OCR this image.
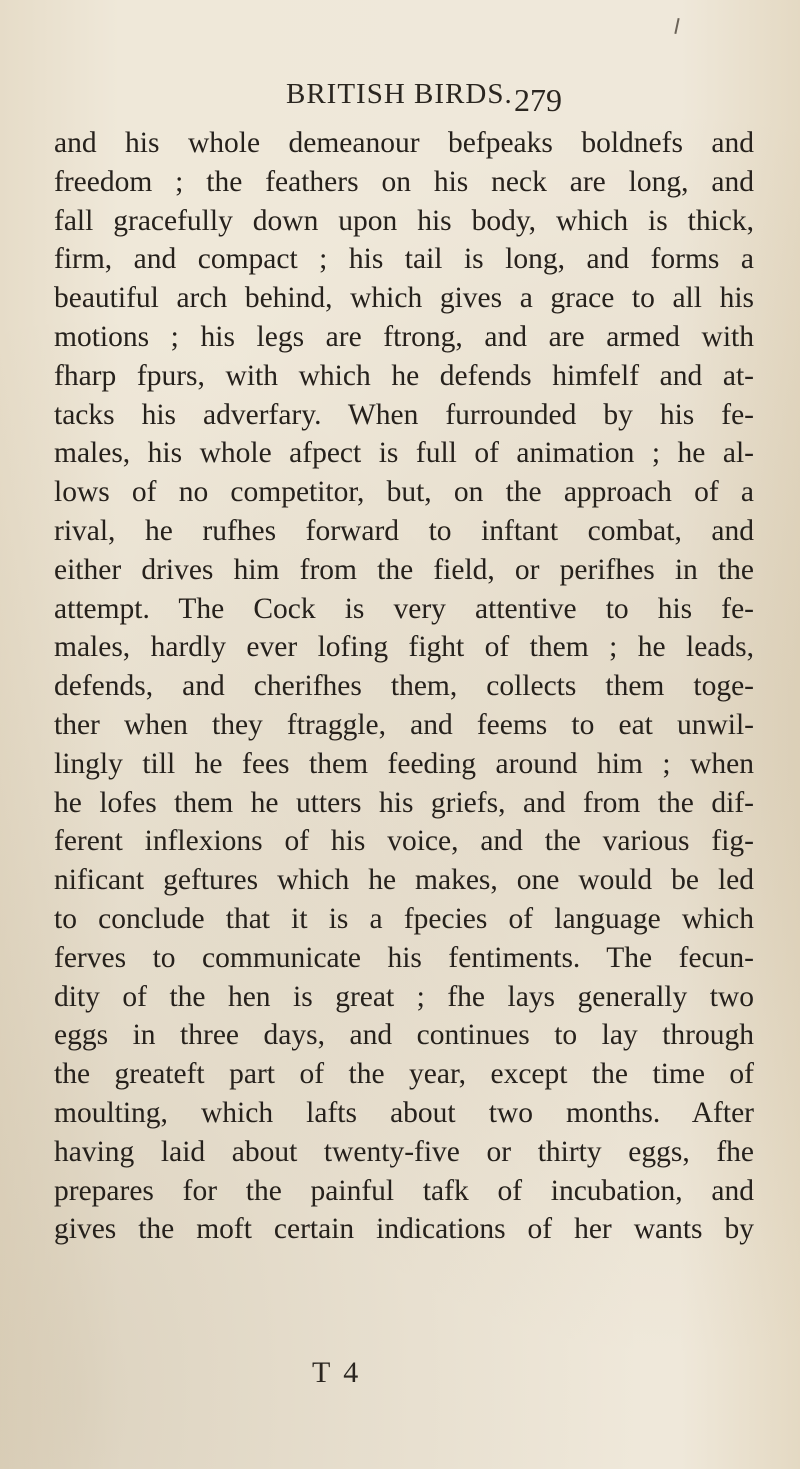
BRITISH BIRDS. 279
and his whole demeanour befpeaks boldnefs and
freedom ; the feathers on his neck are long, and
fall gracefully down upon his body, which is thick,
firm, and compact ; his tail is long, and forms a
beautiful arch behind, which gives a grace to all his
motions ; his legs are ftrong, and are armed with
fharp fpurs, with which he defends himfelf and at-
tacks his adverfary. When furrounded by his fe-
males, his whole afpect is full of animation ; he al-
lows of no competitor, but, on the approach of a
rival, he rufhes forward to inftant combat, and
either drives him from the field, or perifhes in the
attempt. The Cock is very attentive to his fe-
males, hardly ever lofing fight of them ; he leads,
defends, and cherifhes them, collects them toge-
ther when they ftraggle, and feems to eat unwil-
lingly till he fees them feeding around him ; when
he lofes them he utters his griefs, and from the dif-
ferent inflexions of his voice, and the various fig-
nificant geftures which he makes, one would be led
to conclude that it is a fpecies of language which
ferves to communicate his fentiments. The fecun-
dity of the hen is great ; fhe lays generally two
eggs in three days, and continues to lay through
the greateft part of the year, except the time of
moulting, which lafts about two months. After
having laid about twenty-five or thirty eggs, fhe
prepares for the painful tafk of incubation, and
gives the moft certain indications of her wants by
T 4
